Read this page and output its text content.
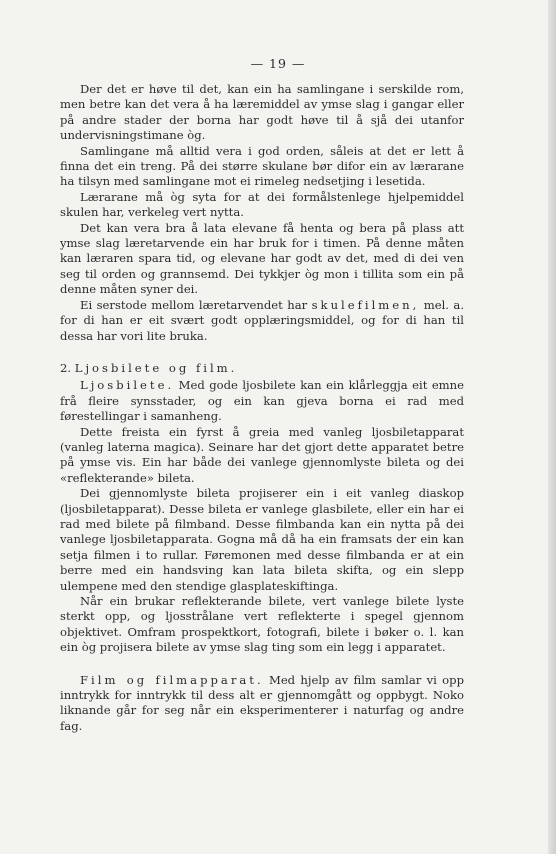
— 19 —

Der det er høve til det, kan ein ha samlingane i serskilde rom, men betre kan det vera å ha læremiddel av ymse slag i gangar eller på andre stader der borna har godt høve til å sjå dei utanfor undervisningstimane òg.

Samlingane må alltid vera i god orden, såleis at det er lett å finna det ein treng. På dei større skulane bør difor ein av lærarane ha tilsyn med samlingane mot ei rimeleg nedsetjing i lesetida.

Lærarane må òg syta for at dei formålstenlege hjelpemiddel skulen har, verkeleg vert nytta.

Det kan vera bra å lata elevane få henta og bera på plass att ymse slag læretarvende ein har bruk for i timen. På denne måten kan læraren spara tid, og elevane har godt av det, med di dei ven seg til orden og grannsemd. Dei tykkjer òg mon i tillita som ein på denne måten syner dei.

Ei serstode mellom læretarvendet har skulefilmen, mel. a. for di han er eit svært godt opplæringsmiddel, og for di han til dessa har vori lite bruka.

2. Ljosbilete og film.

Ljosbilete. Med gode ljosbilete kan ein klårleggja eit emne frå fleire synsstader, og ein kan gjeva borna ei rad med førestellingar i samanheng.

Dette freista ein fyrst å greia med vanleg ljosbiletapparat (vanleg laterna magica). Seinare har det gjort dette apparatet betre på ymse vis. Ein har både dei vanlege gjennomlyste bileta og dei «reflekterande» bileta.

Dei gjennomlyste bileta projiserer ein i eit vanleg diaskop (ljosbiletapparat). Desse bileta er vanlege glasbilete, eller ein har ei rad med bilete på filmband. Desse filmbanda kan ein nytta på dei vanlege ljosbiletapparata. Gogna må då ha ein framsats der ein kan setja filmen i to rullar. Føremonen med desse filmbanda er at ein berre med ein handsving kan lata bileta skifta, og ein slepp ulempene med den stendige glasplateskiftinga.

Når ein brukar reflekterande bilete, vert vanlege bilete lyste sterkt opp, og ljosstrålane vert reflekterte i spegel gjennom objektivet. Omfram prospektkort, fotografi, bilete i bøker o. l. kan ein òg projisera bilete av ymse slag ting som ein legg i apparatet.

Film og filmapparat. Med hjelp av film samlar vi opp inntrykk for inntrykk til dess alt er gjennomgått og oppbygt. Noko liknande går for seg når ein eksperimenterer i naturfag og andre fag.
